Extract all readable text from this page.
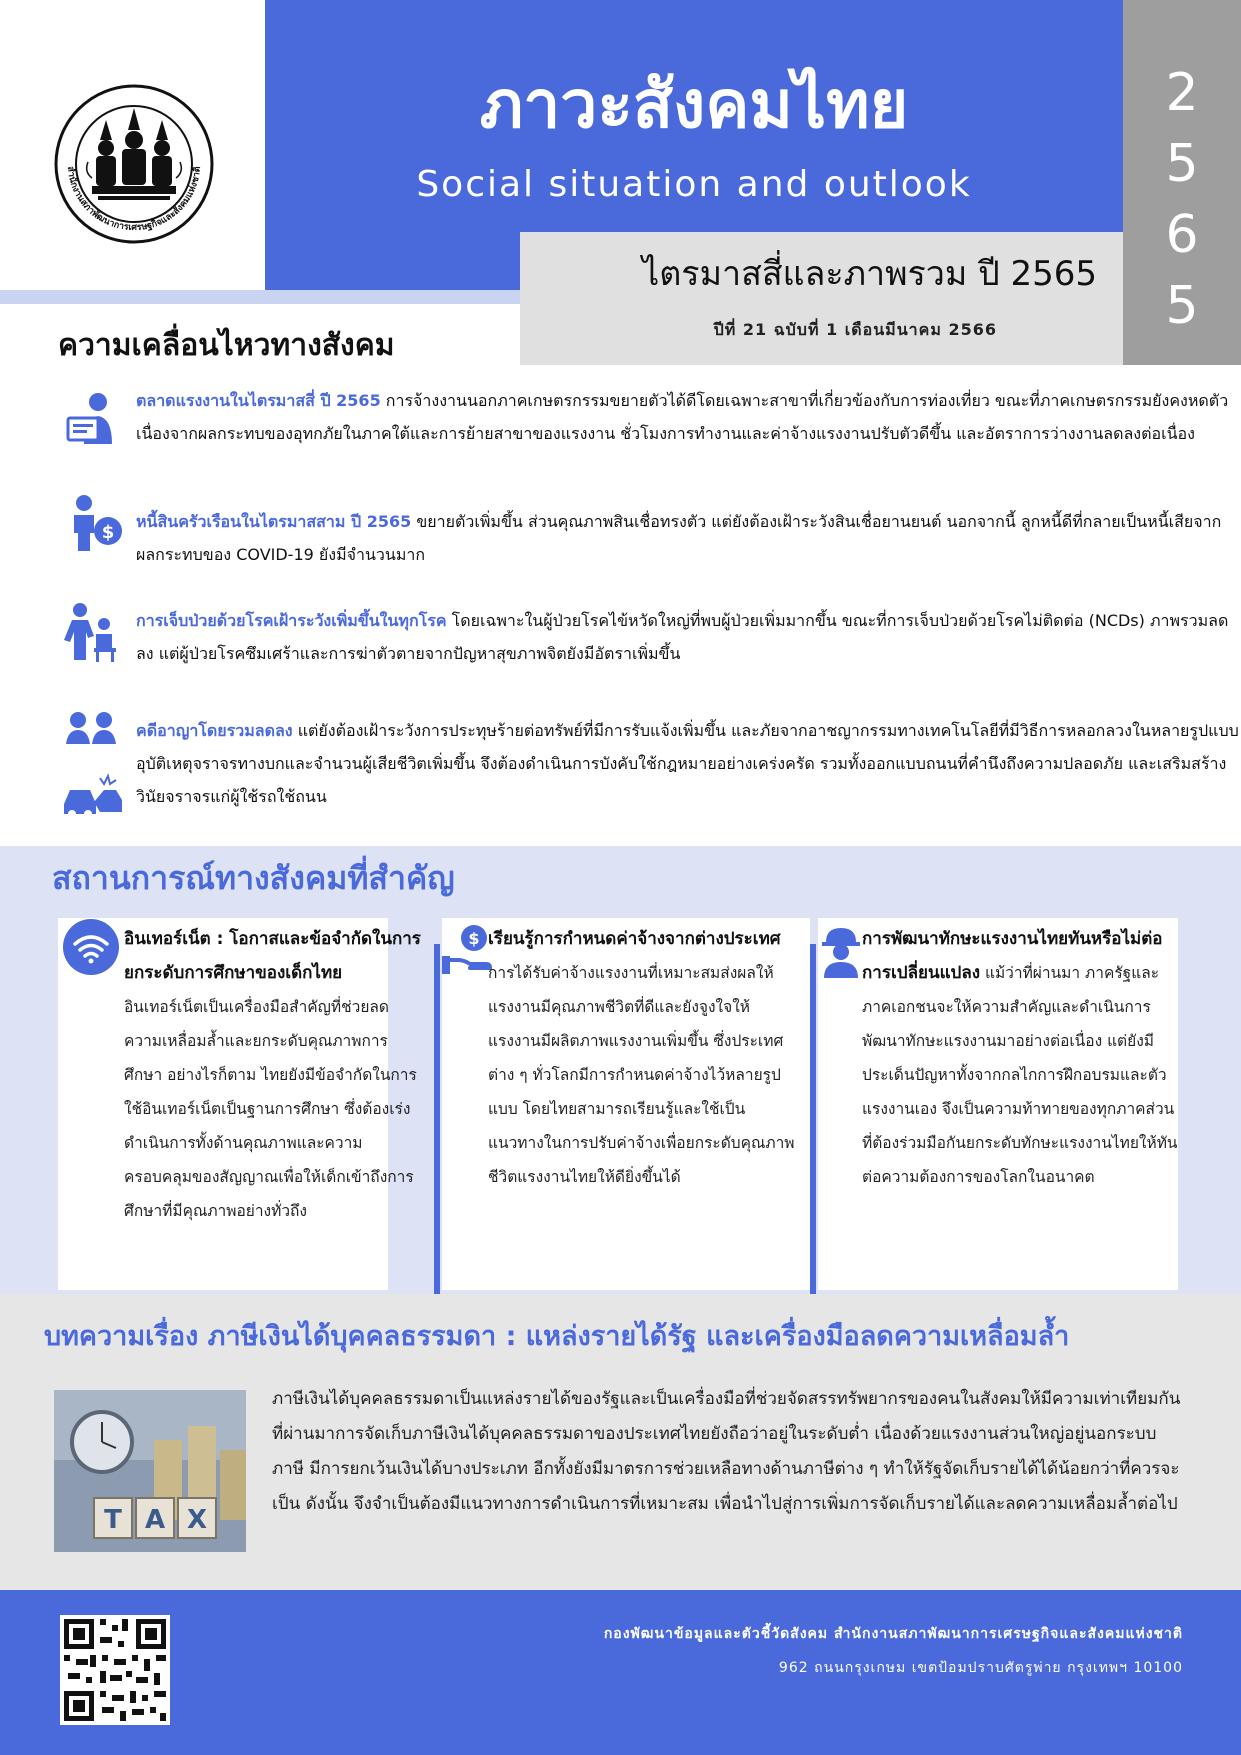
สำนักงานสภาพัฒนาการเศรษฐกิจและสังคมแห่งชาติ
ภาวะสังคมไทย
Social situation and outlook
ไตรมาสสี่และภาพรวม ปี 2565
ปีที่ 21 ฉบับที่ 1 เดือนมีนาคม 2566
2
5
6
5
ความเคลื่อนไหวทางสังคม
ตลาดแรงงานในไตรมาสสี่ ปี 2565 การจ้างงานนอกภาคเกษตรกรรมขยายตัวได้ดีโดยเฉพาะสาขาที่เกี่ยวข้องกับการท่องเที่ยว ขณะที่ภาคเกษตรกรรมยังคงหดตัวเนื่องจากผลกระทบของอุทกภัยในภาคใต้และการย้ายสาขาของแรงงาน ชั่วโมงการทำงานและค่าจ้างแรงงานปรับตัวดีขึ้น และอัตราการว่างงานลดลงต่อเนื่อง
$
หนี้สินครัวเรือนในไตรมาสสาม ปี 2565 ขยายตัวเพิ่มขึ้น ส่วนคุณภาพสินเชื่อทรงตัว แต่ยังต้องเฝ้าระวังสินเชื่อยานยนต์ นอกจากนี้ ลูกหนี้ดีที่กลายเป็นหนี้เสียจากผลกระทบของ COVID-19 ยังมีจำนวนมาก
การเจ็บป่วยด้วยโรคเฝ้าระวังเพิ่มขึ้นในทุกโรค โดยเฉพาะในผู้ป่วยโรคไข้หวัดใหญ่ที่พบผู้ป่วยเพิ่มมากขึ้น ขณะที่การเจ็บป่วยด้วยโรคไม่ติดต่อ (NCDs) ภาพรวมลดลง แต่ผู้ป่วยโรคซึมเศร้าและการฆ่าตัวตายจากปัญหาสุขภาพจิตยังมีอัตราเพิ่มขึ้น
คดีอาญาโดยรวมลดลง แต่ยังต้องเฝ้าระวังการประทุษร้ายต่อทรัพย์ที่มีการรับแจ้งเพิ่มขึ้น และภัยจากอาชญากรรมทางเทคโนโลยีที่มีวิธีการหลอกลวงในหลายรูปแบบ อุบัติเหตุจราจรทางบกและจำนวนผู้เสียชีวิตเพิ่มขึ้น จึงต้องดำเนินการบังคับใช้กฎหมายอย่างเคร่งครัด รวมทั้งออกแบบถนนที่คำนึงถึงความปลอดภัย และเสริมสร้างวินัยจราจรแก่ผู้ใช้รถใช้ถนน
สถานการณ์ทางสังคมที่สำคัญ
อินเทอร์เน็ต : โอกาสและข้อจำกัดในการยกระดับการศึกษาของเด็กไทย อินเทอร์เน็ตเป็นเครื่องมือสำคัญที่ช่วยลดความเหลื่อมล้ำและยกระดับคุณภาพการศึกษา อย่างไรก็ตาม ไทยยังมีข้อจำกัดในการใช้อินเทอร์เน็ตเป็นฐานการศึกษา ซึ่งต้องเร่งดำเนินการทั้งด้านคุณภาพและความครอบคลุมของสัญญาณเพื่อให้เด็กเข้าถึงการศึกษาที่มีคุณภาพอย่างทั่วถึง
$ เรียนรู้การกำหนดค่าจ้างจากต่างประเทศ การได้รับค่าจ้างแรงงานที่เหมาะสมส่งผลให้แรงงานมีคุณภาพชีวิตที่ดีและยังจูงใจให้แรงงานมีผลิตภาพแรงงานเพิ่มขึ้น ซึ่งประเทศต่าง ๆ ทั่วโลกมีการกำหนดค่าจ้างไว้หลายรูปแบบ โดยไทยสามารถเรียนรู้และใช้เป็นแนวทางในการปรับค่าจ้างเพื่อยกระดับคุณภาพชีวิตแรงงานไทยให้ดียิ่งขึ้นได้
การพัฒนาทักษะแรงงานไทยทันหรือไม่ต่อการเปลี่ยนแปลง แม้ว่าที่ผ่านมา ภาครัฐและภาคเอกชนจะให้ความสำคัญและดำเนินการพัฒนาทักษะแรงงานมาอย่างต่อเนื่อง แต่ยังมีประเด็นปัญหาทั้งจากกลไกการฝึกอบรมและตัวแรงงานเอง จึงเป็นความท้าทายของทุกภาคส่วนที่ต้องร่วมมือกันยกระดับทักษะแรงงานไทยให้ทันต่อความต้องการของโลกในอนาคต
บทความเรื่อง ภาษีเงินได้บุคคลธรรมดา : แหล่งรายได้รัฐ และเครื่องมือลดความเหลื่อมล้ำ
T A X
ภาษีเงินได้บุคคลธรรมดาเป็นแหล่งรายได้ของรัฐและเป็นเครื่องมือที่ช่วยจัดสรรทรัพยากรของคนในสังคมให้มีความเท่าเทียมกัน ที่ผ่านมาการจัดเก็บภาษีเงินได้บุคคลธรรมดาของประเทศไทยยังถือว่าอยู่ในระดับต่ำ เนื่องด้วยแรงงานส่วนใหญ่อยู่นอกระบบภาษี มีการยกเว้นเงินได้บางประเภท อีกทั้งยังมีมาตรการช่วยเหลือทางด้านภาษีต่าง ๆ ทำให้รัฐจัดเก็บรายได้ได้น้อยกว่าที่ควรจะเป็น ดังนั้น จึงจำเป็นต้องมีแนวทางการดำเนินการที่เหมาะสม เพื่อนำไปสู่การเพิ่มการจัดเก็บรายได้และลดความเหลื่อมล้ำต่อไป
กองพัฒนาข้อมูลและตัวชี้วัดสังคม สำนักงานสภาพัฒนาการเศรษฐกิจและสังคมแห่งชาติ
962 ถนนกรุงเกษม เขตป้อมปราบศัตรูพ่าย กรุงเทพฯ 10100
